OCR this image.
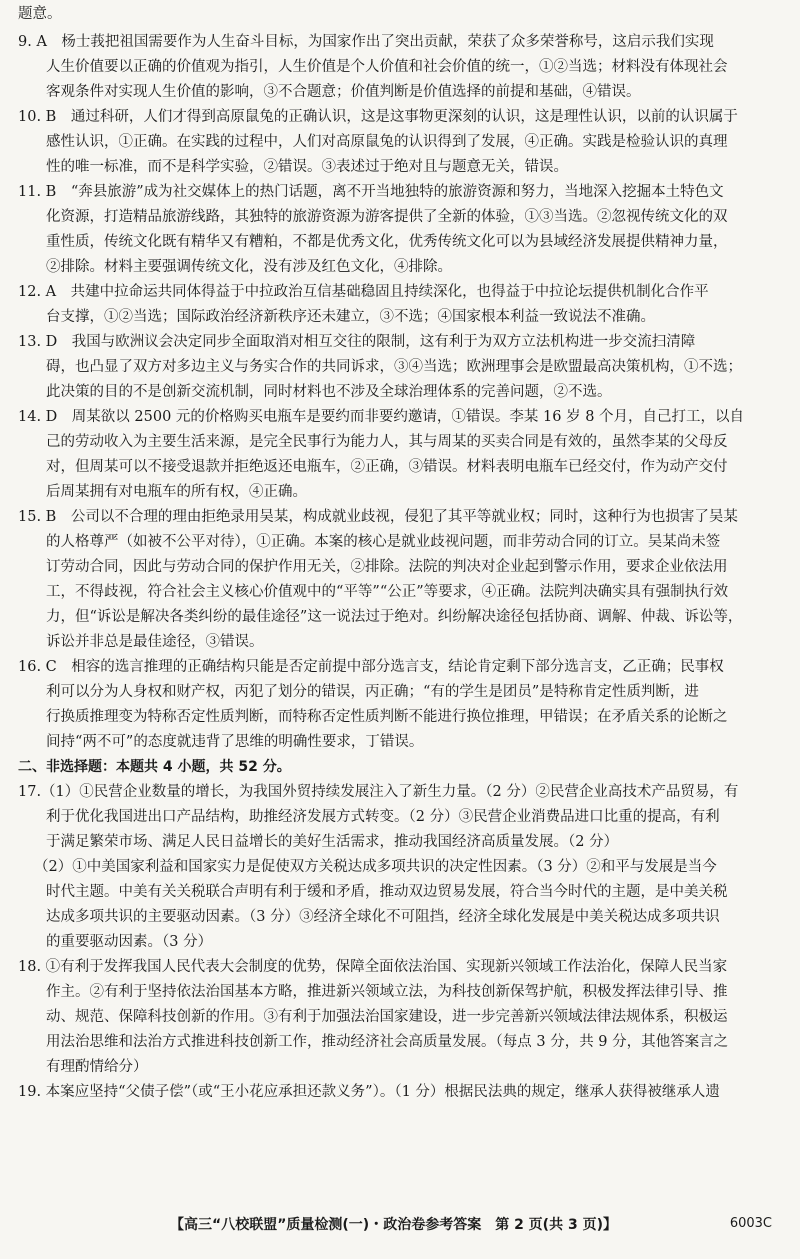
题意。
9. A　杨士莪把祖国需要作为人生奋斗目标，为国家作出了突出贡献，荣获了众多荣誉称号，这启示我们实现
人生价值要以正确的价值观为指引，人生价值是个人价值和社会价值的统一，①②当选；材料没有体现社会
客观条件对实现人生价值的影响，③不合题意；价值判断是价值选择的前提和基础，④错误。
10. B　通过科研，人们才得到高原鼠兔的正确认识，这是这事物更深刻的认识，这是理性认识，以前的认识属于
感性认识，①正确。在实践的过程中，人们对高原鼠兔的认识得到了发展，④正确。实践是检验认识的真理
性的唯一标准，而不是科学实验，②错误。③表述过于绝对且与题意无关，错误。
11. B　“奔县旅游”成为社交媒体上的热门话题，离不开当地独特的旅游资源和努力，当地深入挖掘本土特色文
化资源，打造精品旅游线路，其独特的旅游资源为游客提供了全新的体验，①③当选。②忽视传统文化的双
重性质，传统文化既有精华又有糟粕，不都是优秀文化，优秀传统文化可以为县域经济发展提供精神力量，
②排除。材料主要强调传统文化，没有涉及红色文化，④排除。
12. A　共建中拉命运共同体得益于中拉政治互信基础稳固且持续深化，也得益于中拉论坛提供机制化合作平
台支撑，①②当选；国际政治经济新秩序还未建立，③不选；④国家根本利益一致说法不准确。
13. D　我国与欧洲议会决定同步全面取消对相互交往的限制，这有利于为双方立法机构进一步交流扫清障
碍，也凸显了双方对多边主义与务实合作的共同诉求，③④当选；欧洲理事会是欧盟最高决策机构，①不选；
此决策的目的不是创新交流机制，同时材料也不涉及全球治理体系的完善问题，②不选。
14. D　周某欲以 2500 元的价格购买电瓶车是要约而非要约邀请，①错误。李某 16 岁 8 个月，自己打工，以自
己的劳动收入为主要生活来源，是完全民事行为能力人，其与周某的买卖合同是有效的，虽然李某的父母反
对，但周某可以不接受退款并拒绝返还电瓶车，②正确，③错误。材料表明电瓶车已经交付，作为动产交付
后周某拥有对电瓶车的所有权，④正确。
15. B　公司以不合理的理由拒绝录用吴某，构成就业歧视，侵犯了其平等就业权；同时，这种行为也损害了吴某
的人格尊严（如被不公平对待），①正确。本案的核心是就业歧视问题，而非劳动合同的订立。吴某尚未签
订劳动合同，因此与劳动合同的保护作用无关，②排除。法院的判决对企业起到警示作用，要求企业依法用
工，不得歧视，符合社会主义核心价值观中的“平等”“公正”等要求，④正确。法院判决确实具有强制执行效
力，但“诉讼是解决各类纠纷的最佳途径”这一说法过于绝对。纠纷解决途径包括协商、调解、仲裁、诉讼等，
诉讼并非总是最佳途径，③错误。
16. C　相容的选言推理的正确结构只能是否定前提中部分选言支，结论肯定剩下部分选言支，乙正确；民事权
利可以分为人身权和财产权，丙犯了划分的错误，丙正确；“有的学生是团员”是特称肯定性质判断，进
行换质推理变为特称否定性质判断，而特称否定性质判断不能进行换位推理，甲错误；在矛盾关系的论断之
间持“两不可”的态度就违背了思维的明确性要求，丁错误。
二、非选择题：本题共 4 小题，共 52 分。
17.（1）①民营企业数量的增长，为我国外贸持续发展注入了新生力量。（2 分）②民营企业高技术产品贸易，有
利于优化我国进出口产品结构，助推经济发展方式转变。（2 分）③民营企业消费品进口比重的提高，有利
于满足繁荣市场、满足人民日益增长的美好生活需求，推动我国经济高质量发展。（2 分）
（2）①中美国家利益和国家实力是促使双方关税达成多项共识的决定性因素。（3 分）②和平与发展是当今
时代主题。中美有关关税联合声明有利于缓和矛盾，推动双边贸易发展，符合当今时代的主题，是中美关税
达成多项共识的主要驱动因素。（3 分）③经济全球化不可阻挡，经济全球化发展是中美关税达成多项共识
的重要驱动因素。（3 分）
18. ①有利于发挥我国人民代表大会制度的优势，保障全面依法治国、实现新兴领域工作法治化，保障人民当家
作主。②有利于坚持依法治国基本方略，推进新兴领域立法，为科技创新保驾护航，积极发挥法律引导、推
动、规范、保障科技创新的作用。③有利于加强法治国家建设，进一步完善新兴领域法律法规体系，积极运
用法治思维和法治方式推进科技创新工作，推动经济社会高质量发展。（每点 3 分，共 9 分，其他答案言之
有理酌情给分）
19. 本案应坚持“父债子偿”（或“王小花应承担还款义务”）。（1 分）根据民法典的规定，继承人获得被继承人遗
【高三“八校联盟”质量检测(一)・政治卷参考答案　第 2 页(共 3 页)】	6003C
